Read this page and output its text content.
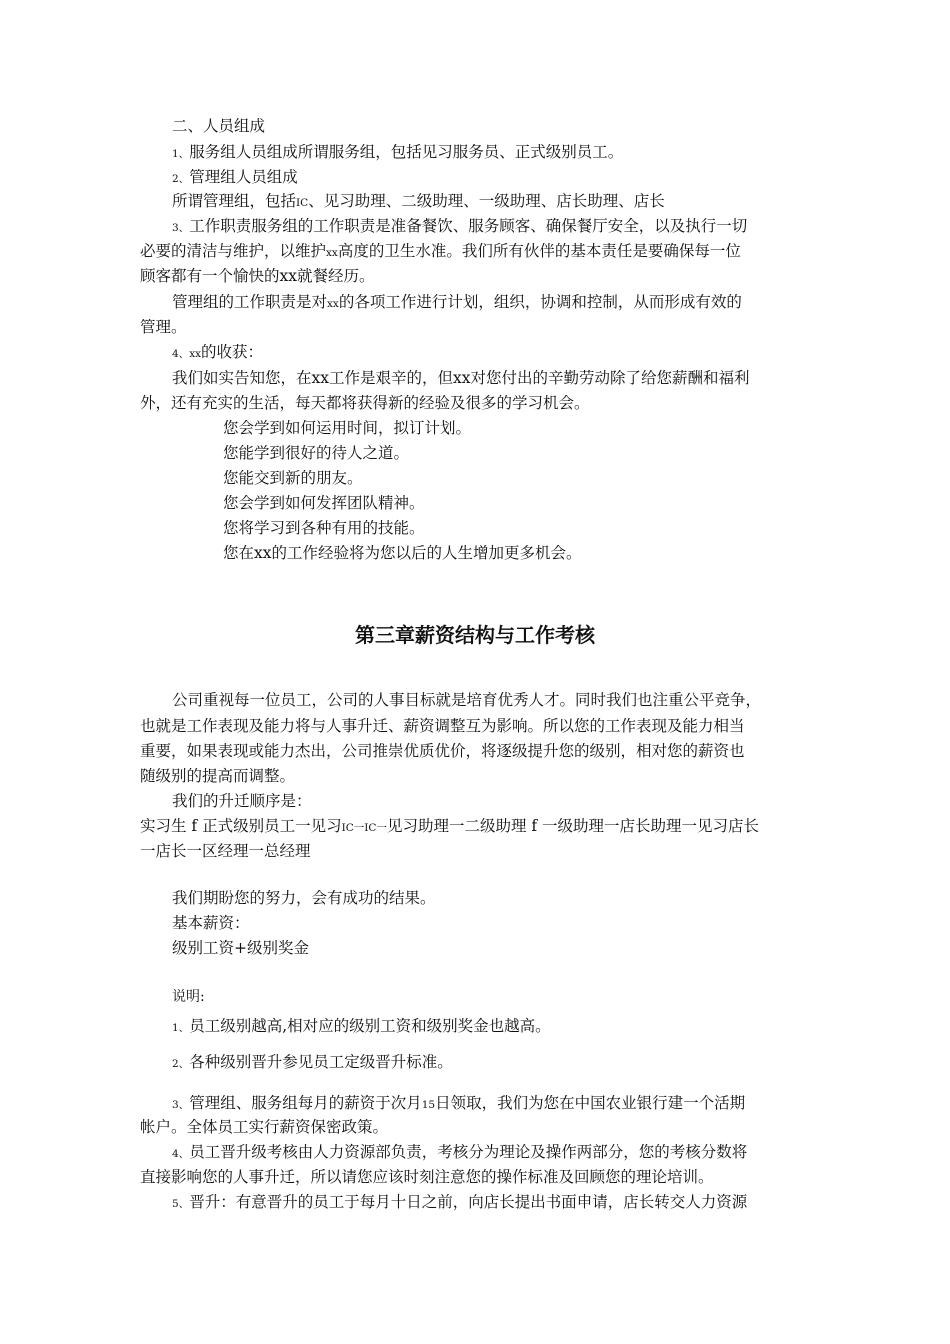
二、人员组成
1、服务组人员组成所谓服务组，包括见习服务员、正式级别员工。
2、管理组人员组成
所谓管理组，包括IC、见习助理、二级助理、一级助理、店长助理、店长
3、工作职责服务组的工作职责是准备餐饮、服务顾客、确保餐厅安全，以及执行一切
必要的清洁与维护，以维护xx高度的卫生水准。我们所有伙伴的基本责任是要确保每一位
顾客都有一个愉快的xx就餐经历。
管理组的工作职责是对xx的各项工作进行计划，组织，协调和控制，从而形成有效的
管理。
4、xx的收获：
我们如实告知您，在xx工作是艰辛的，但xx对您付出的辛勤劳动除了给您薪酬和福利
外，还有充实的生活，每天都将获得新的经验及很多的学习机会。
您会学到如何运用时间，拟订计划。
您能学到很好的待人之道。
您能交到新的朋友。
您会学到如何发挥团队精神。
您将学习到各种有用的技能。
您在xx的工作经验将为您以后的人生增加更多机会。
第三章薪资结构与工作考核
公司重视每一位员工，公司的人事目标就是培育优秀人才。同时我们也注重公平竞争，
也就是工作表现及能力将与人事升迁、薪资调整互为影响。所以您的工作表现及能力相当
重要，如果表现或能力杰出，公司推崇优质优价，将逐级提升您的级别，相对您的薪资也
随级别的提高而调整。
我们的升迁顺序是：
实习生 f 正式级别员工一见习IC一IC一见习助理一二级助理 f 一级助理一店长助理一见习店长
一店长一区经理一总经理
我们期盼您的努力，会有成功的结果。
基本薪资：
级别工资+级别奖金
说明:
1、员工级别越高,相对应的级别工资和级别奖金也越高。
2、各种级别晋升参见员工定级晋升标准。
3、管理组、服务组每月的薪资于次月15日领取，我们为您在中国农业银行建一个活期
帐户。全体员工实行薪资保密政策。
4、员工晋升级考核由人力资源部负责，考核分为理论及操作两部分，您的考核分数将
直接影响您的人事升迁，所以请您应该时刻注意您的操作标准及回顾您的理论培训。
5、晋升：有意晋升的员工于每月十日之前，向店长提出书面申请，店长转交人力资源
